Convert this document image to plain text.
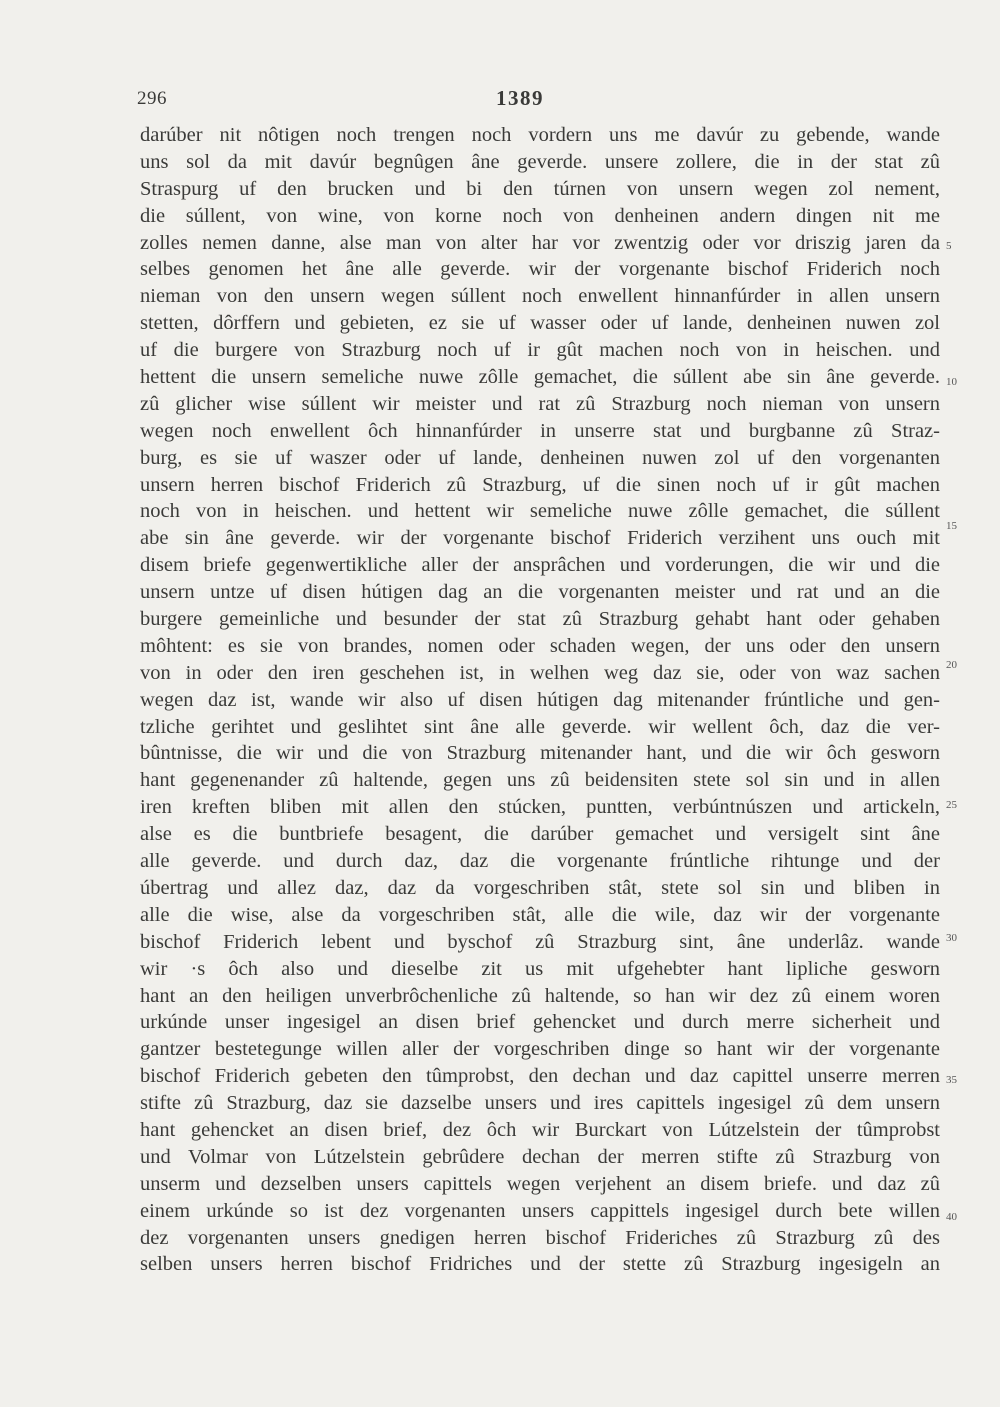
296	1389
darúber nit nôtigen noch trengen noch vordern uns me davúr zu gebende, wande
uns sol da mit davúr begnûgen âne geverde. unsere zollere, die in der stat zû
Straspurg uf den brucken und bi den túrnen von unsern wegen zol nement,
die súllent, von wine, von korne noch von denheinen andern dingen nit me
zolles nemen danne, alse man von alter har vor zwentzig oder vor driszig jaren da
selbes genomen het âne alle geverde. wir der vorgenante bischof Friderich noch
nieman von den unsern wegen súllent noch enwellent hinnanfúrder in allen unsern
stetten, dôrffern und gebieten, ez sie uf wasser oder uf lande, denheinen nuwen zol
uf die burgere von Strazburg noch uf ir gût machen noch von in heischen. und
hettent die unsern semeliche nuwe zôlle gemachet, die súllent abe sin âne geverde.
zû glicher wise súllent wir meister und rat zû Strazburg noch nieman von unsern
wegen noch enwellent ôch hinnanfúrder in unserre stat und burgbanne zû Straz-
burg, es sie uf waszer oder uf lande, denheinen nuwen zol uf den vorgenanten
unsern herren bischof Friderich zû Strazburg, uf die sinen noch uf ir gût machen
noch von in heischen. und hettent wir semeliche nuwe zôlle gemachet, die súllent
abe sin âne geverde. wir der vorgenante bischof Friderich verzihent uns ouch mit
disem briefe gegenwertikliche aller der ansprâchen und vorderungen, die wir und die
unsern untze uf disen hútigen dag an die vorgenanten meister und rat und an die
burgere gemeinliche und besunder der stat zû Strazburg gehabt hant oder gehaben
môhtent: es sie von brandes, nomen oder schaden wegen, der uns oder den unsern
von in oder den iren geschehen ist, in welhen weg daz sie, oder von waz sachen
wegen daz ist, wande wir also uf disen hútigen dag mitenander frúntliche und gen-
tzliche gerihtet und geslihtet sint âne alle geverde. wir wellent ôch, daz die ver-
bûntnisse, die wir und die von Strazburg mitenander hant, und die wir ôch gesworn
hant gegenenander zû haltende, gegen uns zû beidensiten stete sol sin und in allen
iren kreften bliben mit allen den stúcken, puntten, verbúntnúszen und artickeln,
alse es die buntbriefe besagent, die darúber gemachet und versigelt sint âne
alle geverde. und durch daz, daz die vorgenante frúntliche rihtunge und der
úbertrag und allez daz, daz da vorgeschriben stât, stete sol sin und bliben in
alle die wise, alse da vorgeschriben stât, alle die wile, daz wir der vorgenante
bischof Friderich lebent und byschof zû Strazburg sint, âne underlâz. wande
wir ·s ôch also und dieselbe zit us mit ufgehebter hant lipliche gesworn
hant an den heiligen unverbrôchenliche zû haltende, so han wir dez zû einem woren
urkúnde unser ingesigel an disen brief gehencket und durch merre sicherheit und
gantzer bestetegunge willen aller der vorgeschriben dinge so hant wir der vorgenante
bischof Friderich gebeten den tûmprobst, den dechan und daz capittel unserre merren
stifte zû Strazburg, daz sie dazselbe unsers und ires capittels ingesigel zû dem unsern
hant gehencket an disen brief, dez ôch wir Burckart von Lútzelstein der tûmprobst
und Volmar von Lútzelstein gebrûdere dechan der merren stifte zû Strazburg von
unserm und dezselben unsers capittels wegen verjehent an disem briefe. und daz zû
einem urkúnde so ist dez vorgenanten unsers cappittels ingesigel durch bete willen
dez vorgenanten unsers gnedigen herren bischof Frideriches zû Strazburg zû des
selben unsers herren bischof Fridriches und der stette zû Strazburg ingesigeln an
5
10
15
20
25
30
35
40
